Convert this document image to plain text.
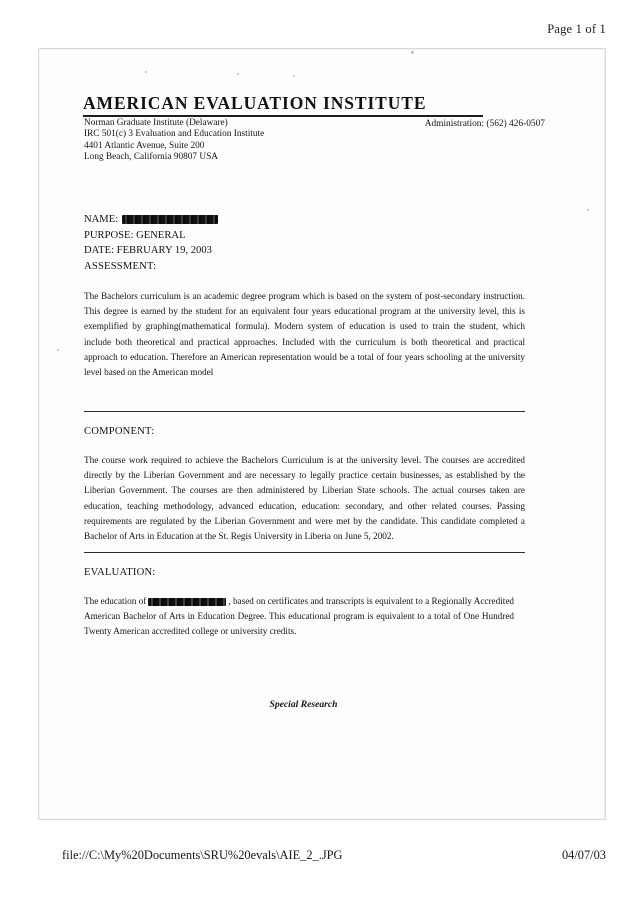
Page 1 of 1
AMERICAN EVALUATION INSTITUTE
Norman Graduate Institute (Delaware)
IRC 501(c) 3 Evaluation and Education Institute
4401 Atlantic Avenue, Suite 200
Long Beach, California 90807 USA
Administration: (562) 426-0507
NAME:
PURPOSE: GENERAL
DATE: FEBRUARY 19, 2003
ASSESSMENT:
The Bachelors curriculum is an academic degree program which is based on the system of post-secondary instruction. This degree is earned by the student for an equivalent four years educational program at the university level, this is exemplified by graphing(mathematical formula). Modern system of education is used to train the student, which include both theoretical and practical approaches. Included with the curriculum is both theoretical and practical approach to education. Therefore an American representation would be a total of four years schooling at the university level based on the American model
COMPONENT:
The course work required to achieve the Bachelors Curriculum is at the university level. The courses are accredited directly by the Liberian Government and are necessary to legally practice certain businesses, as established by the Liberian Government. The courses are then administered by Liberian State schools. The actual courses taken are education, teaching methodology, advanced education, education: secondary, and other related courses. Passing requirements are regulated by the Liberian Government and were met by the candidate. This candidate completed a Bachelor of Arts in Education at the St. Regis University in Liberia on June 5, 2002.
EVALUATION:
The education of	, based on certificates and transcripts is equivalent to a Regionally Accredited American Bachelor of Arts in Education Degree. This educational program is equivalent to a total of One Hundred Twenty American accredited college or university credits.
Special Research
file://C:\My%20Documents\SRU%20evals\AIE_2_.JPG	04/07/03
